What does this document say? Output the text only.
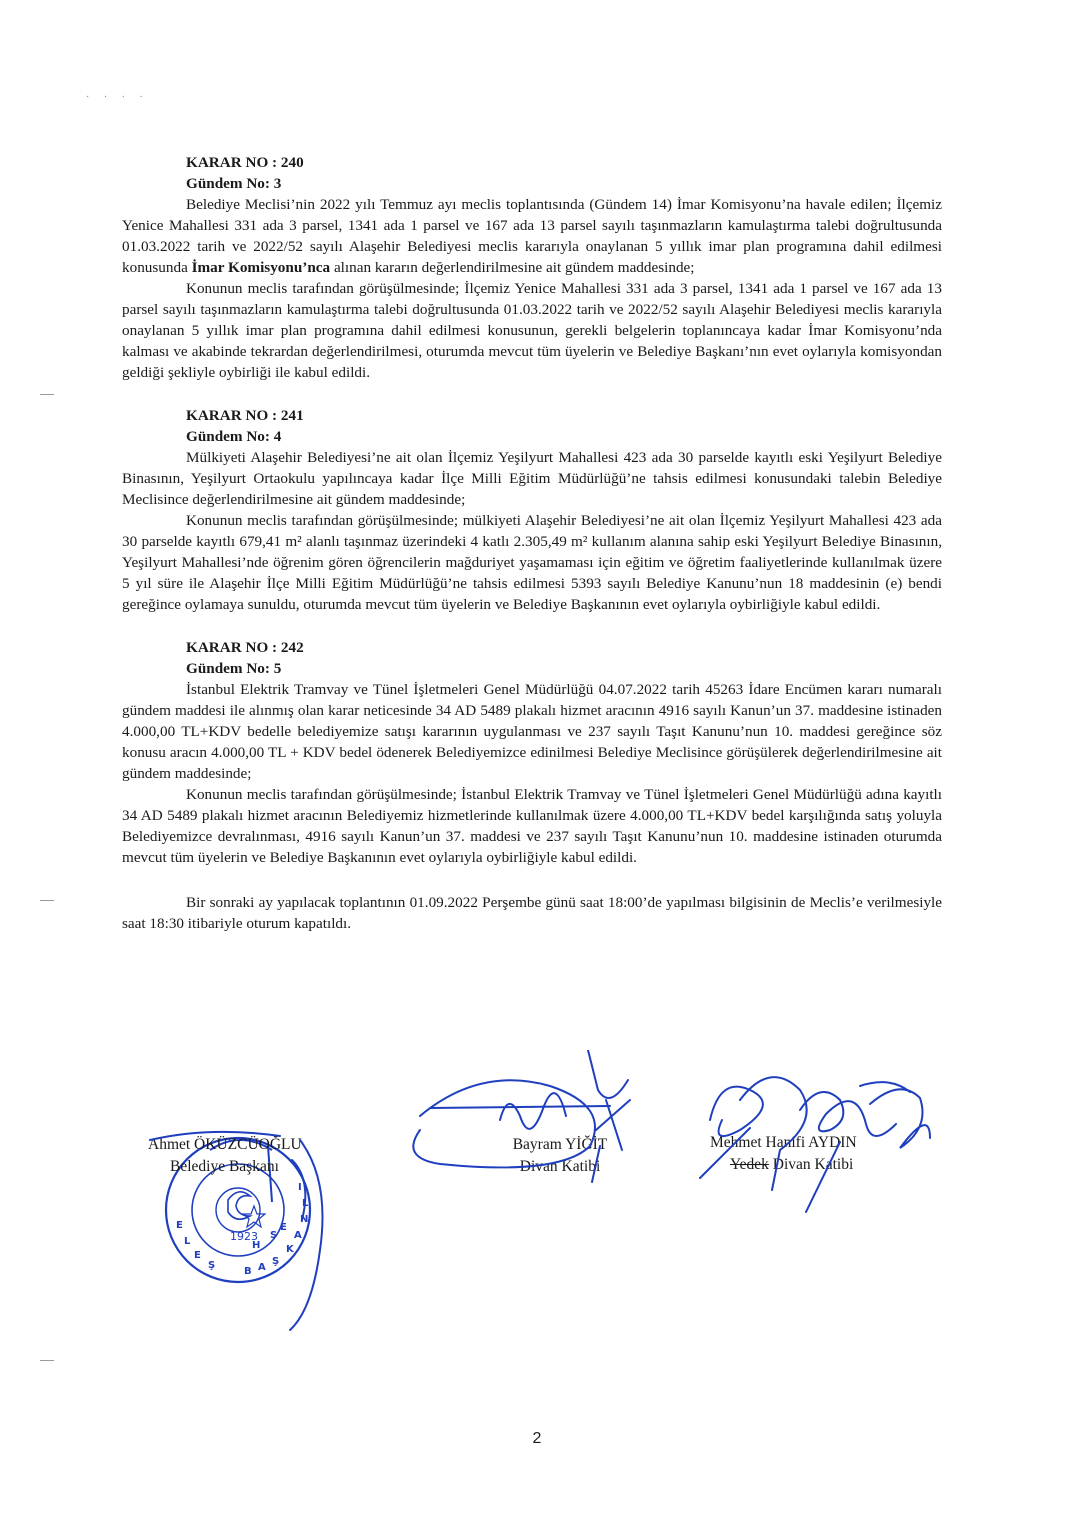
· · · ·
KARAR NO : 240
Gündem No: 3

Belediye Meclisi’nin 2022 yılı Temmuz ayı meclis toplantısında (Gündem 14) İmar Komisyonu’na havale edilen; İlçemiz Yenice Mahallesi 331 ada 3 parsel, 1341 ada 1 parsel ve 167 ada 13 parsel sayılı taşınmazların kamulaştırma talebi doğrultusunda 01.03.2022 tarih ve 2022/52 sayılı Alaşehir Belediyesi meclis kararıyla onaylanan 5 yıllık imar plan programına dahil edilmesi konusunda İmar Komisyonu’nca alınan kararın değerlendirilmesine ait gündem maddesinde;

Konunun meclis tarafından görüşülmesinde; İlçemiz Yenice Mahallesi 331 ada 3 parsel, 1341 ada 1 parsel ve 167 ada 13 parsel sayılı taşınmazların kamulaştırma talebi doğrultusunda 01.03.2022 tarih ve 2022/52 sayılı Alaşehir Belediyesi meclis kararıyla onaylanan 5 yıllık imar plan programına dahil edilmesi konusunun, gerekli belgelerin toplanıncaya kadar İmar Komisyonu’nda kalması ve akabinde tekrardan değerlendirilmesi, oturumda mevcut tüm üyelerin ve Belediye Başkanı’nın evet oylarıyla komisyondan geldiği şekliyle oybirliği ile kabul edildi.

KARAR NO : 241
Gündem No: 4

Mülkiyeti Alaşehir Belediyesi’ne ait olan İlçemiz Yeşilyurt Mahallesi 423 ada 30 parselde kayıtlı eski Yeşilyurt Belediye Binasının, Yeşilyurt Ortaokulu yapılıncaya kadar İlçe Milli Eğitim Müdürlüğü’ne tahsis edilmesi konusundaki talebin Belediye Meclisince değerlendirilmesine ait gündem maddesinde;

Konunun meclis tarafından görüşülmesinde; mülkiyeti Alaşehir Belediyesi’ne ait olan İlçemiz Yeşilyurt Mahallesi 423 ada 30 parselde kayıtlı 679,41 m² alanlı taşınmaz üzerindeki 4 katlı 2.305,49 m² kullanım alanına sahip eski Yeşilyurt Belediye Binasının, Yeşilyurt Mahallesi’nde öğrenim gören öğrencilerin mağduriyet yaşamaması için eğitim ve öğretim faaliyetlerinde kullanılmak üzere 5 yıl süre ile Alaşehir İlçe Milli Eğitim Müdürlüğü’ne tahsis edilmesi 5393 sayılı Belediye Kanunu’nun 18 maddesinin (e) bendi gereğince oylamaya sunuldu, oturumda mevcut tüm üyelerin ve Belediye Başkanının evet oylarıyla oybirliğiyle kabul edildi.

KARAR NO : 242
Gündem No: 5

İstanbul Elektrik Tramvay ve Tünel İşletmeleri Genel Müdürlüğü 04.07.2022 tarih 45263 İdare Encümen kararı numaralı gündem maddesi ile alınmış olan karar neticesinde 34 AD 5489 plakalı hizmet aracının 4916 sayılı Kanun’un 37. maddesine istinaden 4.000,00 TL+KDV bedelle belediyemize satışı kararının uygulanması ve 237 sayılı Taşıt Kanunu’nun 10. maddesi gereğince söz konusu aracın 4.000,00 TL + KDV bedel ödenerek Belediyemizce edinilmesi Belediye Meclisince görüşülerek değerlendirilmesine ait gündem maddesinde;

Konunun meclis tarafından görüşülmesinde; İstanbul Elektrik Tramvay ve Tünel İşletmeleri Genel Müdürlüğü adına kayıtlı 34 AD 5489 plakalı hizmet aracının Belediyemiz hizmetlerinde kullanılmak üzere 4.000,00 TL+KDV bedel karşılığında satış yoluyla Belediyemizce devralınması, 4916 sayılı Kanun’un 37. maddesi ve 237 sayılı Taşıt Kanunu’nun 10. maddesine istinaden oturumda mevcut tüm üyelerin ve Belediye Başkanının evet oylarıyla oybirliğiyle kabul edildi.

Bir sonraki ay yapılacak toplantının 01.09.2022 Perşembe günü saat 18:00’de yapılması bilgisinin de Meclis’e verilmesiyle saat 18:30 itibariyle oturum kapatıldı.

1923
E
L
E
Ş
B A
Ş
K
A
N
L
I
S
E
H
Ahmet ÖKÜZCÜOĞLU
Belediye Başkanı
Bayram YİĞİT
Divan Katibi
Mehmet Hanifi AYDIN
Yedek Divan Katibi
2
